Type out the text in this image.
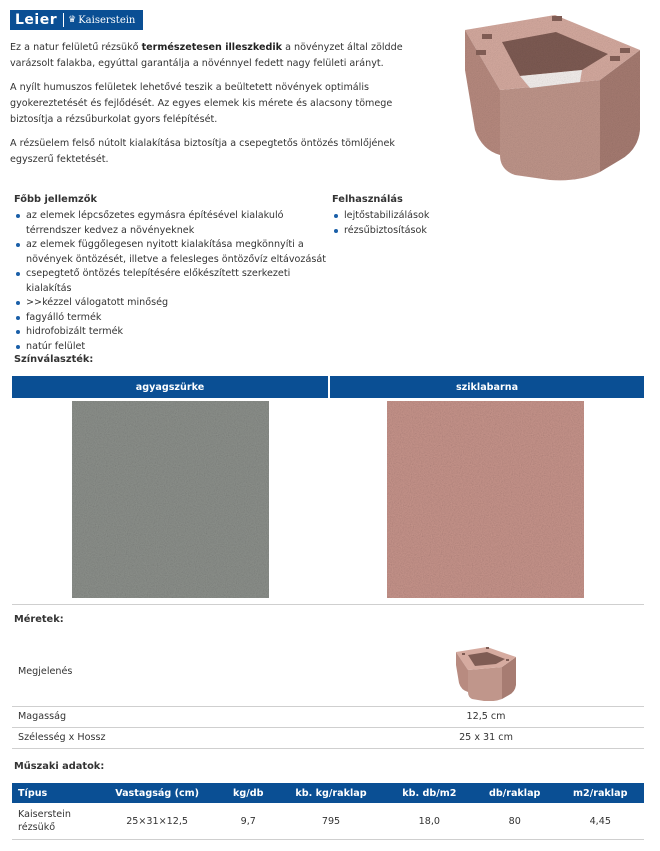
Leier ♛ Kaiserstein

Ez a natur felületű rézsükő természetesen illeszkedik a növényzet által zöldde varázsolt falakba, egyúttal garantálja a növénnyel fedett nagy felületi arányt.

A nyílt humuszos felületek lehetővé teszik a beültetett növények optimális gyokereztetését és fejlődését. Az egyes elemek kis mérete és alacsony tömege biztosítja a rézsűburkolat gyors felépítését.

A rézsüelem felső nútolt kialakítása biztosítja a csepegtetős öntözés tömlőjének egyszerű fektetését.

Főbb jellemzők
az elemek lépcsőzetes egymásra építésével kialakuló térrendszer kedvez a növényeknek
az elemek függőlegesen nyitott kialakítása megkönnyíti a növények öntözését, illetve a felesleges öntözővíz eltávozását
csepegtető öntözés telepítésére előkészített szerkezeti kialakítás
>>kézzel válogatott minőség
fagyálló termék
hidrofobizált termék
natúr felület
Felhasználás
lejtőstabilizálások
rézsűbiztosítások
Színválaszték:
agyagszürke	sziklabarna
Méretek:
Megjelenés
Magasság	12,5 cm
Szélesség x Hossz	25 x 31 cm
Műszaki adatok:
Típus	Vastagság (cm)	kg/db	kb. kg/raklap	kb. db/m2	db/raklap	m2/raklap
Kaiserstein rézsükő	25×31×12,5	9,7	795	18,0	80	4,45
